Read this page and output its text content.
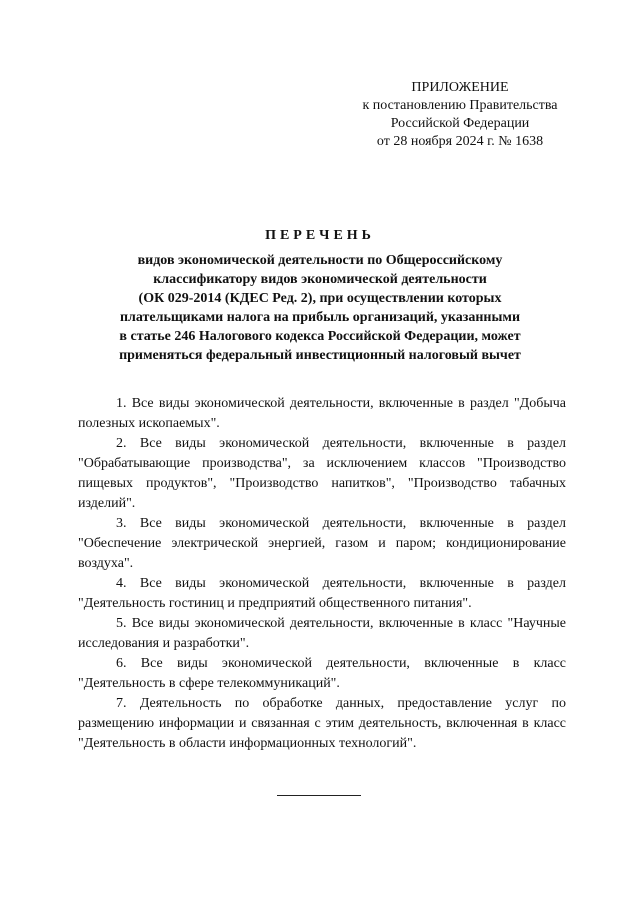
ПРИЛОЖЕНИЕ
к постановлению Правительства
Российской Федерации
от 28 ноября 2024 г. № 1638
ПЕРЕЧЕНЬ
видов экономической деятельности по Общероссийскому
классификатору видов экономической деятельности
(ОК 029-2014 (КДЕС Ред. 2), при осуществлении которых
плательщиками налога на прибыль организаций, указанными
в статье 246 Налогового кодекса Российской Федерации, может
применяться федеральный инвестиционный налоговый вычет

1. Все виды экономической деятельности, включенные в раздел "Добыча полезных ископаемых".

2. Все виды экономической деятельности, включенные в раздел "Обрабатывающие производства", за исключением классов "Производство пищевых продуктов", "Производство напитков", "Производство табачных изделий".

3. Все виды экономической деятельности, включенные в раздел "Обеспечение электрической энергией, газом и паром; кондиционирование воздуха".

4. Все виды экономической деятельности, включенные в раздел "Деятельность гостиниц и предприятий общественного питания".

5. Все виды экономической деятельности, включенные в класс "Научные исследования и разработки".

6. Все виды экономической деятельности, включенные в класс "Деятельность в сфере телекоммуникаций".

7. Деятельность по обработке данных, предоставление услуг по размещению информации и связанная с этим деятельность, включенная в класс "Деятельность в области информационных технологий".
